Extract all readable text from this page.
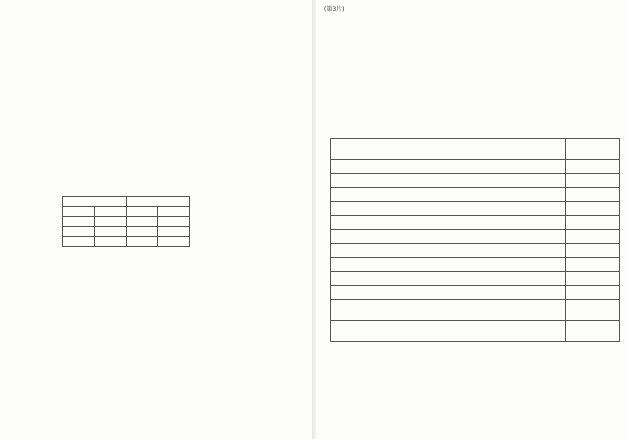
(第3片)
